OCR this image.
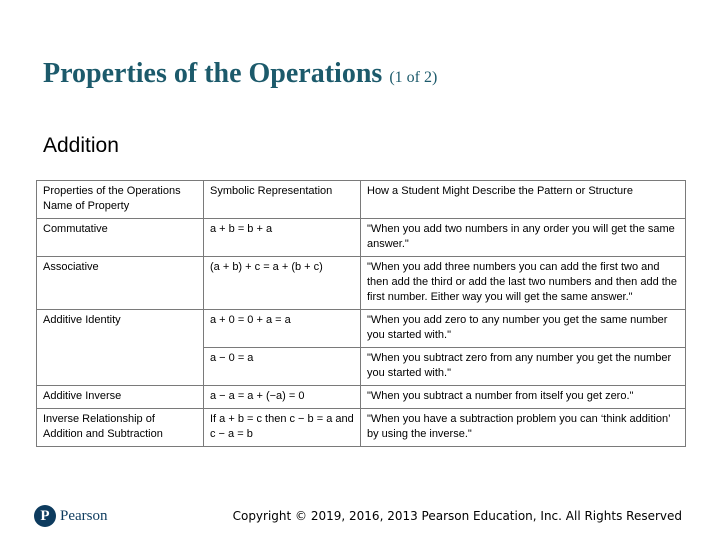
Properties of the Operations (1 of 2)
Addition
Properties of the Operations Name of Property	Symbolic Representation	How a Student Might Describe the Pattern or Structure
Commutative	a + b = b + a	"When you add two numbers in any order you will get the same answer."
Associative	(a + b) + c = a + (b + c)	"When you add three numbers you can add the first two and then add the third or add the last two numbers and then add the first number. Either way you will get the same answer."
Additive Identity	a + 0 = 0 + a = a	"When you add zero to any number you get the same number you started with."
	a − 0 = a	"When you subtract zero from any number you get the number you started with."
Additive Inverse	a − a = a + (−a) = 0	"When you subtract a number from itself you get zero."
Inverse Relationship of Addition and Subtraction	If a + b = c then c − b = a and c − a = b	"When you have a subtraction problem you can ‘think addition’ by using the inverse."
P Pearson	Copyright © 2019, 2016, 2013 Pearson Education, Inc. All Rights Reserved
